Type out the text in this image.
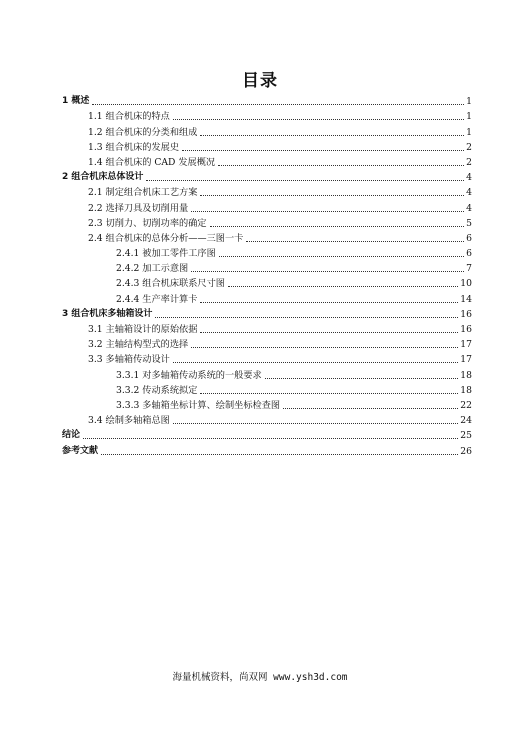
目录
1 概述	1
1.1 组合机床的特点	1
1.2 组合机床的分类和组成	1
1.3 组合机床的发展史	2
1.4 组合机床的 CAD 发展概况	2
2 组合机床总体设计	4
2.1 制定组合机床工艺方案	4
2.2 选择刀具及切削用量	4
2.3 切削力、切削功率的确定	5
2.4 组合机床的总体分析——三图一卡	6
2.4.1 被加工零件工序图	6
2.4.2 加工示意图	7
2.4.3 组合机床联系尺寸图	10
2.4.4 生产率计算卡	14
3 组合机床多轴箱设计	16
3.1 主轴箱设计的原始依据	16
3.2 主轴结构型式的选择	17
3.3 多轴箱传动设计	17
3.3.1 对多轴箱传动系统的一般要求	18
3.3.2 传动系统拟定	18
3.3.3 多轴箱坐标计算、绘制坐标检查图	22
3.4 绘制多轴箱总图	24
结论	25
参考文献	26
海量机械资料，尚双网 www.ysh3d.com
